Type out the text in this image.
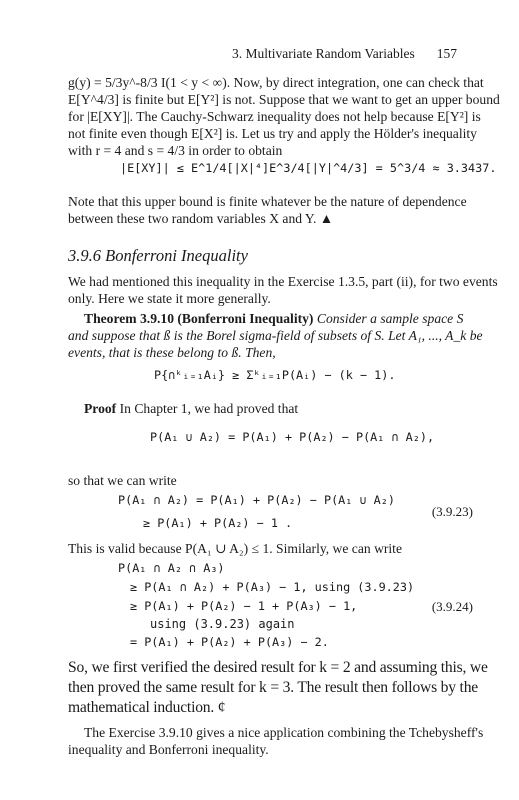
3. Multivariate Random Variables 157
g(y) = 5/3y^-8/3 I(1 < y < ∞). Now, by direct integration, one can check that
E[Y^4/3] is finite but E[Y²] is not. Suppose that we want to get an upper bound
for |E[XY]|. The Cauchy-Schwarz inequality does not help because E[Y²] is
not finite even though E[X²] is. Let us try and apply the Hölder's inequality
with r = 4 and s = 4/3 in order to obtain
|E[XY]| ≤ E^1/4[|X|⁴]E^3/4[|Y|^4/3] = 5^3/4 ≈ 3.3437.
Note that this upper bound is finite whatever be the nature of dependence
between these two random variables X and Y. ▲
3.9.6 Bonferroni Inequality
We had mentioned this inequality in the Exercise 1.3.5, part (ii), for two events
only. Here we state it more generally.
Theorem 3.9.10 (Bonferroni Inequality) Consider a sample space S
and suppose that ß is the Borel sigma-field of subsets of S. Let A₁, ..., A_k be
events, that is these belong to ß. Then,
P{∩ᵏᵢ₌₁Aᵢ} ≥ Σᵏᵢ₌₁P(Aᵢ) − (k − 1).
Proof In Chapter 1, we had proved that
P(A₁ ∪ A₂) = P(A₁) + P(A₂) − P(A₁ ∩ A₂),
so that we can write
P(A₁ ∩ A₂) = P(A₁) + P(A₂) − P(A₁ ∪ A₂)
≥ P(A₁) + P(A₂) − 1 .
(3.9.23)
This is valid because P(A₁ ∪ A₂) ≤ 1. Similarly, we can write
P(A₁ ∩ A₂ ∩ A₃)
≥ P(A₁ ∩ A₂) + P(A₃) − 1, using (3.9.23)
≥ P(A₁) + P(A₂) − 1 + P(A₃) − 1,	(3.9.24)
using (3.9.23) again
= P(A₁) + P(A₂) + P(A₃) − 2.
So, we first verified the desired result for k = 2 and assuming this, we
then proved the same result for k = 3. The result then follows by the
mathematical induction. ¢
The Exercise 3.9.10 gives a nice application combining the Tchebysheff's
inequality and Bonferroni inequality.
